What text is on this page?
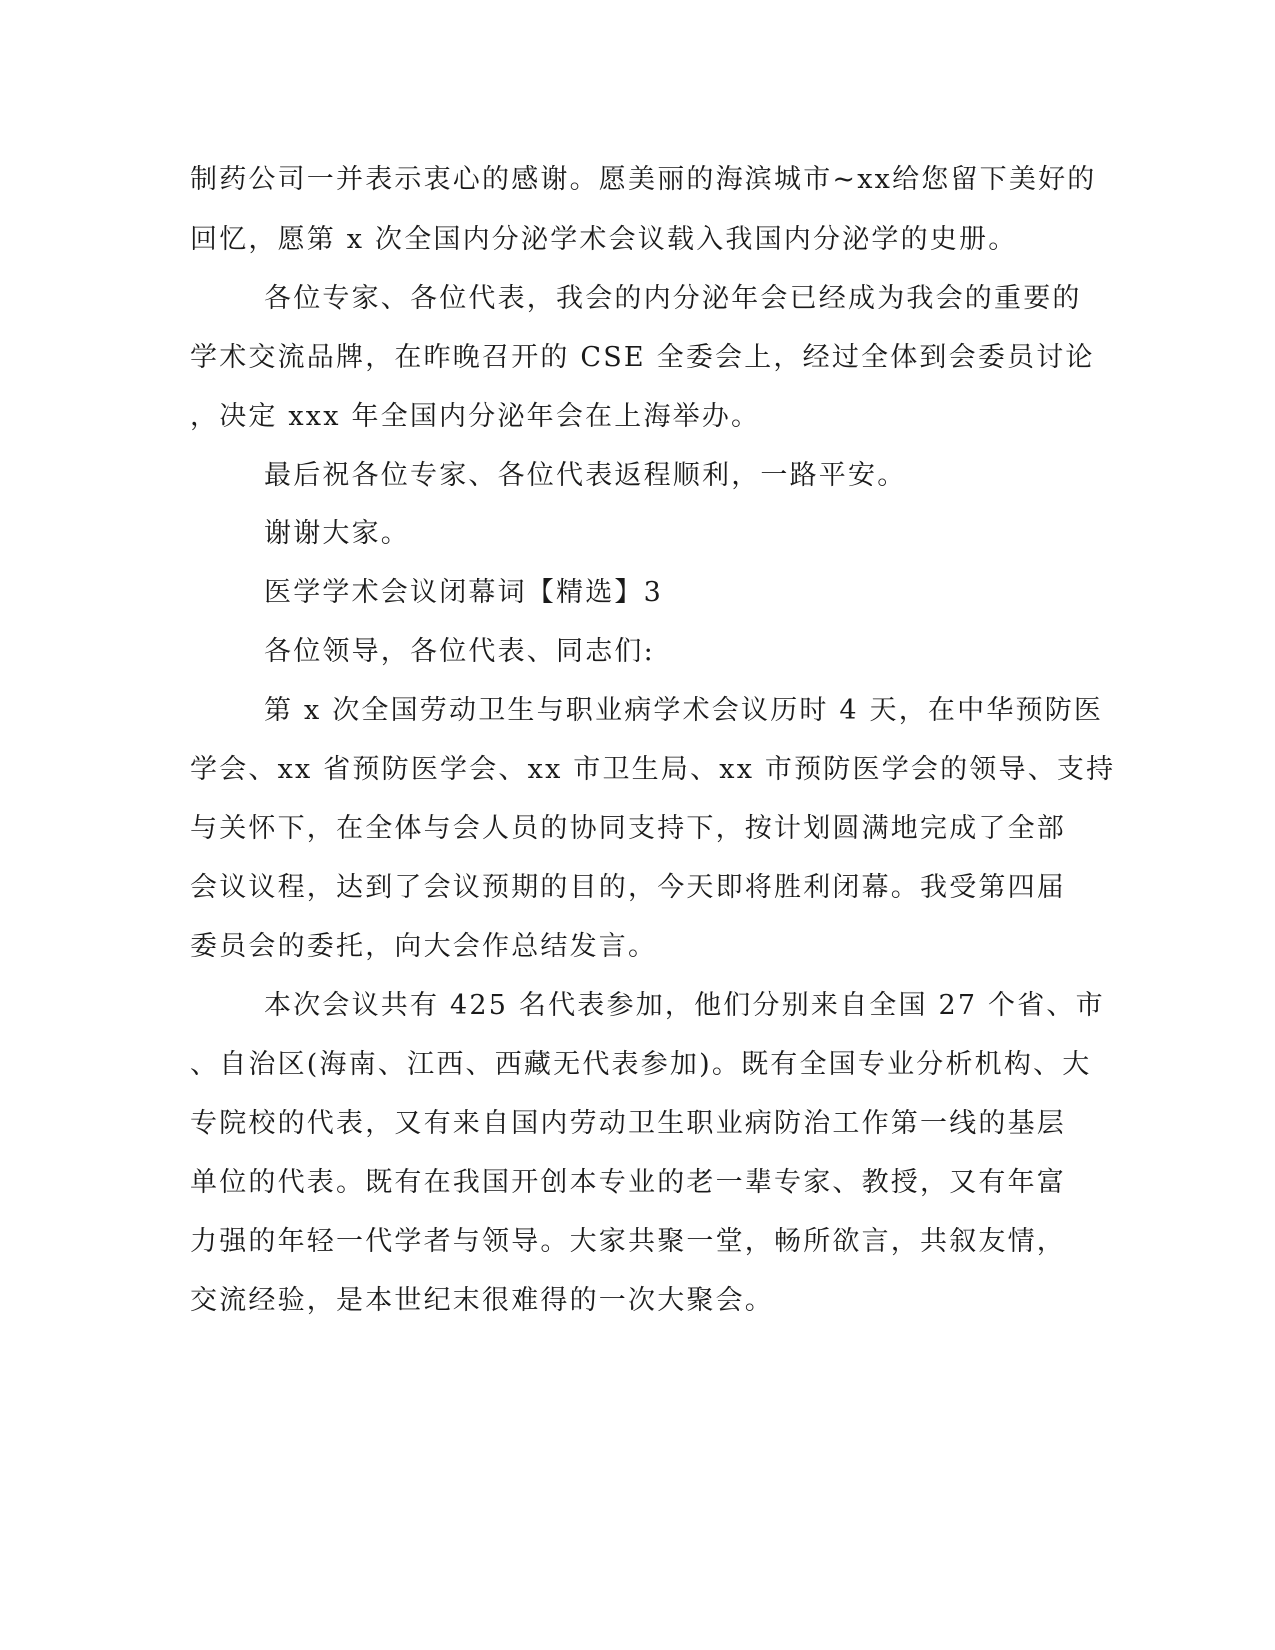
制药公司一并表示衷心的感谢。愿美丽的海滨城市~xx给您留下美好的
回忆，愿第 x 次全国内分泌学术会议载入我国内分泌学的史册。
各位专家、各位代表，我会的内分泌年会已经成为我会的重要的
学术交流品牌，在昨晚召开的 CSE 全委会上，经过全体到会委员讨论
，决定 xxx 年全国内分泌年会在上海举办。
最后祝各位专家、各位代表返程顺利，一路平安。
谢谢大家。
医学学术会议闭幕词【精选】3
各位领导，各位代表、同志们:
第 x 次全国劳动卫生与职业病学术会议历时 4 天，在中华预防医
学会、xx 省预防医学会、xx 市卫生局、xx 市预防医学会的领导、支持
与关怀下，在全体与会人员的协同支持下，按计划圆满地完成了全部
会议议程，达到了会议预期的目的，今天即将胜利闭幕。我受第四届
委员会的委托，向大会作总结发言。
本次会议共有 425 名代表参加，他们分别来自全国 27 个省、市
、自治区(海南、江西、西藏无代表参加)。既有全国专业分析机构、大
专院校的代表，又有来自国内劳动卫生职业病防治工作第一线的基层
单位的代表。既有在我国开创本专业的老一辈专家、教授，又有年富
力强的年轻一代学者与领导。大家共聚一堂，畅所欲言，共叙友情，
交流经验，是本世纪末很难得的一次大聚会。
